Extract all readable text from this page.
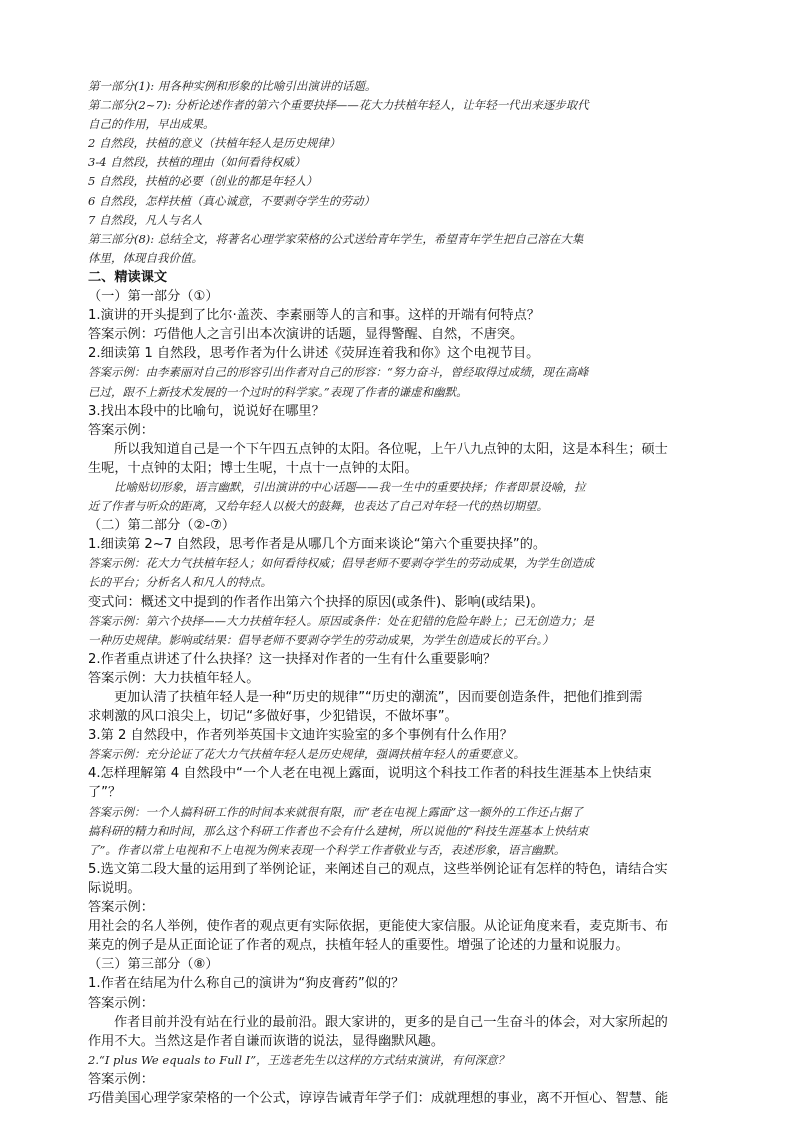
第一部分(1): 用各种实例和形象的比喻引出演讲的话题。
第二部分(2~7): 分析论述作者的第六个重要抉择——花大力扶植年轻人，让年轻一代出来逐步取代
自己的作用，早出成果。
2 自然段，扶植的意义（扶植年轻人是历史规律）
3-4 自然段，扶植的理由（如何看待权威）
5 自然段，扶植的必要（创业的都是年轻人）
6 自然段，怎样扶植（真心诚意，不要剥夺学生的劳动）
7 自然段，凡人与名人
第三部分(8): 总结全文，将著名心理学家荣格的公式送给青年学生，希望青年学生把自己溶在大集
体里，体现自我价值。
二、精读课文
（一）第一部分（①）
1.演讲的开头提到了比尔·盖茨、李素丽等人的言和事。这样的开端有何特点？
答案示例：巧借他人之言引出本次演讲的话题，显得警醒、自然，不唐突。
2.细读第 1 自然段，思考作者为什么讲述《荧屏连着我和你》这个电视节目。
答案示例：由李素丽对自己的形容引出作者对自己的形容：“努力奋斗，曾经取得过成绩，现在高峰
已过，跟不上新技术发展的一个过时的科学家。”表现了作者的谦虚和幽默。
3.找出本段中的比喻句，说说好在哪里？
答案示例：
所以我知道自己是一个下午四五点钟的太阳。各位呢，上午八九点钟的太阳，这是本科生；硕士
生呢，十点钟的太阳；博士生呢，十点十一点钟的太阳。
比喻贴切形象，语言幽默，引出演讲的中心话题——我一生中的重要抉择；作者即景设喻，拉
近了作者与听众的距离，又给年轻人以极大的鼓舞，也表达了自己对年轻一代的热切期望。
（二）第二部分（②-⑦）
1.细读第 2~7 自然段，思考作者是从哪几个方面来谈论“第六个重要抉择”的。
答案示例：花大力气扶植年轻人；如何看待权威；倡导老师不要剥夺学生的劳动成果，为学生创造成
长的平台；分析名人和凡人的特点。
变式问：概述文中提到的作者作出第六个抉择的原因(或条件)、影响(或结果)。
答案示例：第六个抉择——大力扶植年轻人。原因或条件：处在犯错的危险年龄上；已无创造力；是
一种历史规律。影响或结果：倡导老师不要剥夺学生的劳动成果，为学生创造成长的平台。）
2.作者重点讲述了什么抉择？这一抉择对作者的一生有什么重要影响？
答案示例：大力扶植年轻人。
更加认清了扶植年轻人是一种“历史的规律”“历史的潮流”，因而要创造条件，把他们推到需
求刺激的风口浪尖上，切记“多做好事，少犯错误，不做坏事”。
3.第 2 自然段中，作者列举英国卡文迪许实验室的多个事例有什么作用？
答案示例：充分论证了花大力气扶植年轻人是历史规律，强调扶植年轻人的重要意义。
4.怎样理解第 4 自然段中“一个人老在电视上露面，说明这个科技工作者的科技生涯基本上快结束
了”？
答案示例：一个人搞科研工作的时间本来就很有限，而“老在电视上露面”这一额外的工作还占据了
搞科研的精力和时间，那么这个科研工作者也不会有什么建树，所以说他的“科技生涯基本上快结束
了”。作者以常上电视和不上电视为例来表现一个科学工作者敬业与否，表述形象，语言幽默。
5.选文第二段大量的运用到了举例论证，来阐述自己的观点，这些举例论证有怎样的特色，请结合实
际说明。
答案示例：
用社会的名人举例，使作者的观点更有实际依据，更能使大家信服。从论证角度来看，麦克斯韦、布
莱克的例子是从正面论证了作者的观点，扶植年轻人的重要性。增强了论述的力量和说服力。
（三）第三部分（⑧）
1.作者在结尾为什么称自己的演讲为“狗皮膏药”似的？
答案示例：
作者目前并没有站在行业的最前沿。跟大家讲的，更多的是自己一生奋斗的体会，对大家所起的
作用不大。当然这是作者自谦而诙谐的说法，显得幽默风趣。
2.“I plus We equals to Full I”，王选老先生以这样的方式结束演讲，有何深意？
答案示例：
巧借美国心理学家荣格的一个公式，谆谆告诫青年学子们：成就理想的事业，离不开恒心、智慧、能
